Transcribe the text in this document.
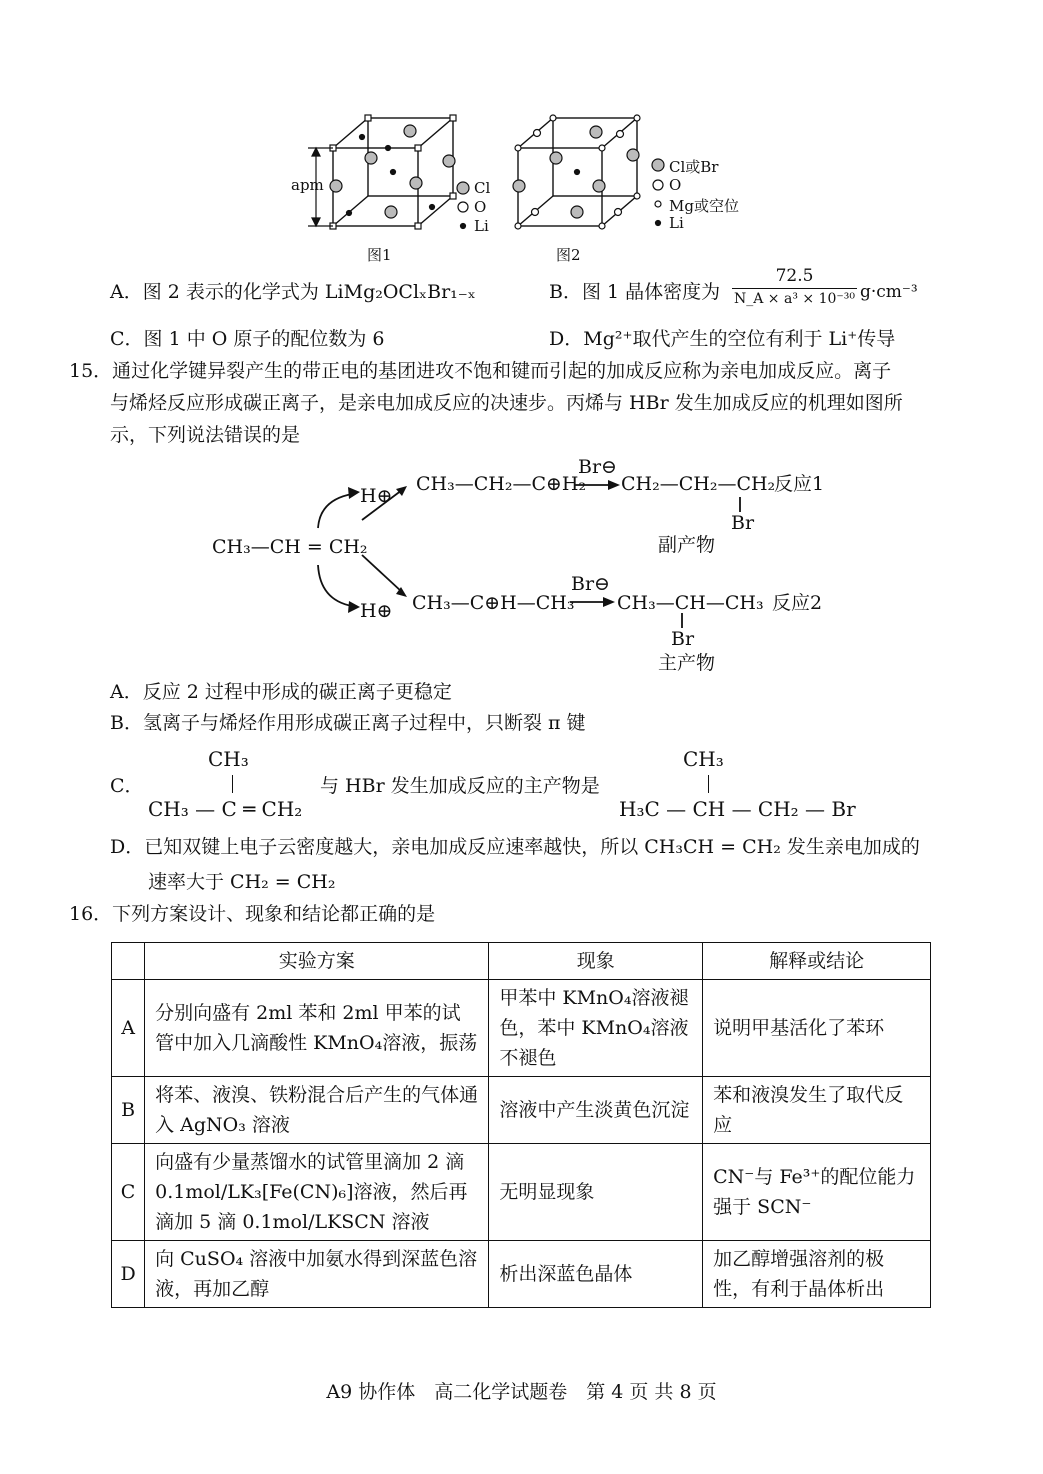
apm	Cl
O
Li
Cl或Br
O
Mg或空位
Li
图1	图2
A．图 2 表示的化学式为 LiMg₂OClₓBr₁₋ₓ	B．图 1 晶体密度为
72.5
N_A × a³ × 10⁻³⁰ g·cm⁻³
C．图 1 中 O 原子的配位数为 6	D．Mg²⁺取代产生的空位有利于 Li⁺传导
15．通过化学键异裂产生的带正电的基团进攻不饱和键而引起的加成反应称为亲电加成反应。离子
与烯烃反应形成碳正离子，是亲电加成反应的决速步。丙烯与 HBr 发生加成反应的机理如图所
示，下列说法错误的是
CH₃—CH = CH₂
H⊕
H⊕
CH₃—CH₂—C⊕H₂
Br⊖
CH₂—CH₂—CH₂
反应1
Br
副产物
CH₃—C⊕H—CH₃
Br⊖
CH₃—CH—CH₃ 反应2
Br
主产物
A．反应 2 过程中形成的碳正离子更稳定
B．氢离子与烯烃作用形成碳正离子过程中，只断裂 π 键
C．
CH₃
CH₃ — C ═ CH₂
与 HBr 发生加成反应的主产物是
CH₃
H₃C — CH — CH₂ — Br
D．已知双键上电子云密度越大，亲电加成反应速率越快，所以 CH₃CH = CH₂ 发生亲电加成的
速率大于 CH₂ = CH₂
16．下列方案设计、现象和结论都正确的是
	实验方案	现象	解释或结论
A	分别向盛有 2ml 苯和 2ml 甲苯的试管中加入几滴酸性 KMnO₄溶液，振荡	甲苯中 KMnO₄溶液褪色，苯中 KMnO₄溶液不褪色	说明甲基活化了苯环
B	将苯、液溴、铁粉混合后产生的气体通入 AgNO₃ 溶液	溶液中产生淡黄色沉淀	苯和液溴发生了取代反应
C	向盛有少量蒸馏水的试管里滴加 2 滴 0.1mol/LK₃[Fe(CN)₆]溶液，然后再滴加 5 滴 0.1mol/LKSCN 溶液	无明显现象	CN⁻与 Fe³⁺的配位能力强于 SCN⁻
D	向 CuSO₄ 溶液中加氨水得到深蓝色溶液，再加乙醇	析出深蓝色晶体	加乙醇增强溶剂的极性，有利于晶体析出
A9 协作体　高二化学试题卷　第 4 页 共 8 页
